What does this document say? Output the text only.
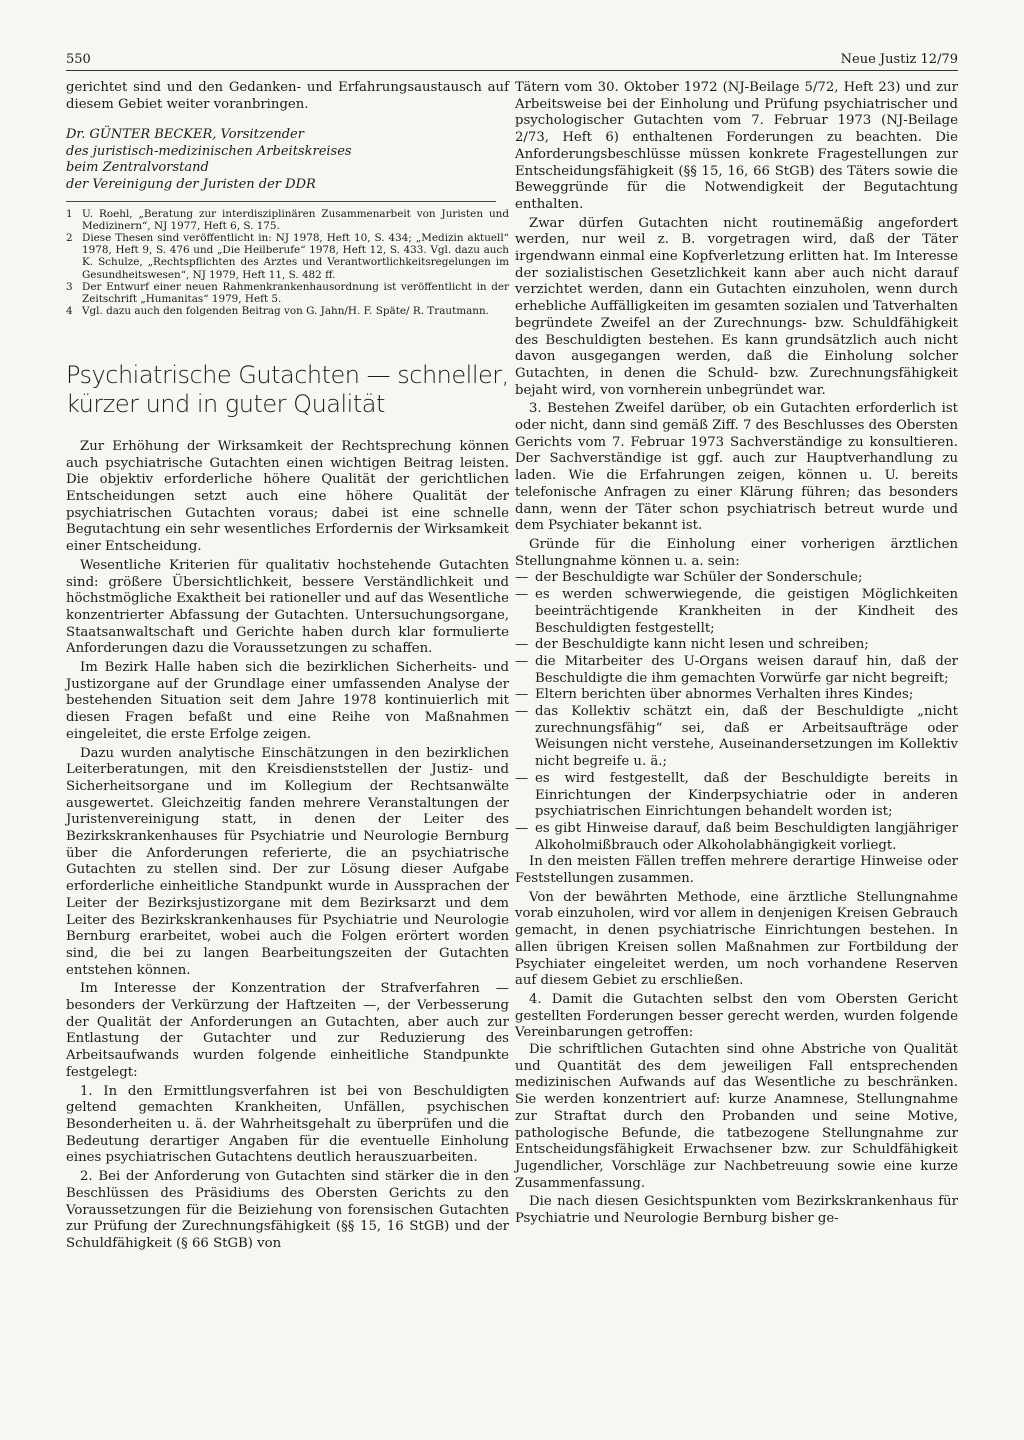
550	Neue Justiz 12/79

gerichtet sind und den Gedanken- und Erfahrungsaustausch auf diesem Gebiet weiter voranbringen.

Dr. GÜNTER BECKER, Vorsitzender
des juristisch-medizinischen Arbeitskreises
beim Zentralvorstand
der Vereinigung der Juristen der DDR
1 U. Roehl, „Beratung zur interdisziplinären Zusammenarbeit von Juristen und Medizinern“, NJ 1977, Heft 6, S. 175.
2 Diese Thesen sind veröffentlicht in: NJ 1978, Heft 10, S. 434; „Medizin aktuell“ 1978, Heft 9, S. 476 und „Die Heilberufe“ 1978, Heft 12, S. 433. Vgl. dazu auch K. Schulze, „Rechtspflichten des Arztes und Verantwortlichkeitsregelungen im Gesundheitswesen“, NJ 1979, Heft 11, S. 482 ff.
3 Der Entwurf einer neuen Rahmenkrankenhausordnung ist veröffentlicht in der Zeitschrift „Humanitas“ 1979, Heft 5.
4 Vgl. dazu auch den folgenden Beitrag von G. Jahn/H. F. Späte/ R. Trautmann.
Psychiatrische Gutachten — schneller, kürzer und in guter Qualität

Zur Erhöhung der Wirksamkeit der Rechtsprechung können auch psychiatrische Gutachten einen wichtigen Beitrag leisten. Die objektiv erforderliche höhere Qualität der gerichtlichen Entscheidungen setzt auch eine höhere Qualität der psychiatrischen Gutachten voraus; dabei ist eine schnelle Begutachtung ein sehr wesentliches Erfordernis der Wirksamkeit einer Entscheidung.

Wesentliche Kriterien für qualitativ hochstehende Gutachten sind: größere Übersichtlichkeit, bessere Verständlichkeit und höchstmögliche Exaktheit bei rationeller und auf das Wesentliche konzentrierter Abfassung der Gutachten. Untersuchungsorgane, Staatsanwaltschaft und Gerichte haben durch klar formulierte Anforderungen dazu die Voraussetzungen zu schaffen.

Im Bezirk Halle haben sich die bezirklichen Sicherheits- und Justizorgane auf der Grundlage einer umfassenden Analyse der bestehenden Situation seit dem Jahre 1978 kontinuierlich mit diesen Fragen befaßt und eine Reihe von Maßnahmen eingeleitet, die erste Erfolge zeigen.

Dazu wurden analytische Einschätzungen in den bezirklichen Leiterberatungen, mit den Kreisdienststellen der Justiz- und Sicherheitsorgane und im Kollegium der Rechtsanwälte ausgewertet. Gleichzeitig fanden mehrere Veranstaltungen der Juristenvereinigung statt, in denen der Leiter des Bezirkskrankenhauses für Psychiatrie und Neurologie Bernburg über die Anforderungen referierte, die an psychiatrische Gutachten zu stellen sind. Der zur Lösung dieser Aufgabe erforderliche einheitliche Standpunkt wurde in Aussprachen der Leiter der Bezirksjustizorgane mit dem Bezirksarzt und dem Leiter des Bezirkskrankenhauses für Psychiatrie und Neurologie Bernburg erarbeitet, wobei auch die Folgen erörtert worden sind, die bei zu langen Bearbeitungszeiten der Gutachten entstehen können.

Im Interesse der Konzentration der Strafverfahren — besonders der Verkürzung der Haftzeiten —, der Verbesserung der Qualität der Anforderungen an Gutachten, aber auch zur Entlastung der Gutachter und zur Reduzierung des Arbeitsaufwands wurden folgende einheitliche Standpunkte festgelegt:

1. In den Ermittlungsverfahren ist bei von Beschuldigten geltend gemachten Krankheiten, Unfällen, psychischen Besonderheiten u. ä. der Wahrheitsgehalt zu überprüfen und die Bedeutung derartiger Angaben für die eventuelle Einholung eines psychiatrischen Gutachtens deutlich herauszuarbeiten.

2. Bei der Anforderung von Gutachten sind stärker die in den Beschlüssen des Präsidiums des Obersten Gerichts zu den Voraussetzungen für die Beiziehung von forensischen Gutachten zur Prüfung der Zurechnungsfähigkeit (§§ 15, 16 StGB) und der Schuldfähigkeit (§ 66 StGB) von

Tätern vom 30. Oktober 1972 (NJ-Beilage 5/72, Heft 23) und zur Arbeitsweise bei der Einholung und Prüfung psychiatrischer und psychologischer Gutachten vom 7. Februar 1973 (NJ-Beilage 2/73, Heft 6) enthaltenen Forderungen zu beachten. Die Anforderungsbeschlüsse müssen konkrete Fragestellungen zur Entscheidungsfähigkeit (§§ 15, 16, 66 StGB) des Täters sowie die Beweggründe für die Notwendigkeit der Begutachtung enthalten.

Zwar dürfen Gutachten nicht routinemäßig angefordert werden, nur weil z. B. vorgetragen wird, daß der Täter irgendwann einmal eine Kopfverletzung erlitten hat. Im Interesse der sozialistischen Gesetzlichkeit kann aber auch nicht darauf verzichtet werden, dann ein Gutachten einzuholen, wenn durch erhebliche Auffälligkeiten im gesamten sozialen und Tatverhalten begründete Zweifel an der Zurechnungs- bzw. Schuldfähigkeit des Beschuldigten bestehen. Es kann grundsätzlich auch nicht davon ausgegangen werden, daß die Einholung solcher Gutachten, in denen die Schuld- bzw. Zurechnungsfähigkeit bejaht wird, von vornherein unbegründet war.

3. Bestehen Zweifel darüber, ob ein Gutachten erforderlich ist oder nicht, dann sind gemäß Ziff. 7 des Beschlusses des Obersten Gerichts vom 7. Februar 1973 Sachverständige zu konsultieren. Der Sachverständige ist ggf. auch zur Hauptverhandlung zu laden. Wie die Erfahrungen zeigen, können u. U. bereits telefonische Anfragen zu einer Klärung führen; das besonders dann, wenn der Täter schon psychiatrisch betreut wurde und dem Psychiater bekannt ist.

Gründe für die Einholung einer vorherigen ärztlichen Stellungnahme können u. a. sein:

— der Beschuldigte war Schüler der Sonderschule;
— es werden schwerwiegende, die geistigen Möglichkeiten beeinträchtigende Krankheiten in der Kindheit des Beschuldigten festgestellt;
— der Beschuldigte kann nicht lesen und schreiben;
— die Mitarbeiter des U-Organs weisen darauf hin, daß der Beschuldigte die ihm gemachten Vorwürfe gar nicht begreift;
— Eltern berichten über abnormes Verhalten ihres Kindes;
— das Kollektiv schätzt ein, daß der Beschuldigte „nicht zurechnungsfähig“ sei, daß er Arbeitsaufträge oder Weisungen nicht verstehe, Auseinandersetzungen im Kollektiv nicht begreife u. ä.;
— es wird festgestellt, daß der Beschuldigte bereits in Einrichtungen der Kinderpsychiatrie oder in anderen psychiatrischen Einrichtungen behandelt worden ist;
— es gibt Hinweise darauf, daß beim Beschuldigten langjähriger Alkoholmißbrauch oder Alkoholabhängigkeit vorliegt.

In den meisten Fällen treffen mehrere derartige Hinweise oder Feststellungen zusammen.

Von der bewährten Methode, eine ärztliche Stellungnahme vorab einzuholen, wird vor allem in denjenigen Kreisen Gebrauch gemacht, in denen psychiatrische Einrichtungen bestehen. In allen übrigen Kreisen sollen Maßnahmen zur Fortbildung der Psychiater eingeleitet werden, um noch vorhandene Reserven auf diesem Gebiet zu erschließen.

4. Damit die Gutachten selbst den vom Obersten Gericht gestellten Forderungen besser gerecht werden, wurden folgende Vereinbarungen getroffen:

Die schriftlichen Gutachten sind ohne Abstriche von Qualität und Quantität des dem jeweiligen Fall entsprechenden medizinischen Aufwands auf das Wesentliche zu beschränken. Sie werden konzentriert auf: kurze Anamnese, Stellungnahme zur Straftat durch den Probanden und seine Motive, pathologische Befunde, die tatbezogene Stellungnahme zur Entscheidungsfähigkeit Erwachsener bzw. zur Schuldfähigkeit Jugendlicher, Vorschläge zur Nachbetreuung sowie eine kurze Zusammenfassung.

Die nach diesen Gesichtspunkten vom Bezirkskrankenhaus für Psychiatrie und Neurologie Bernburg bisher ge-
